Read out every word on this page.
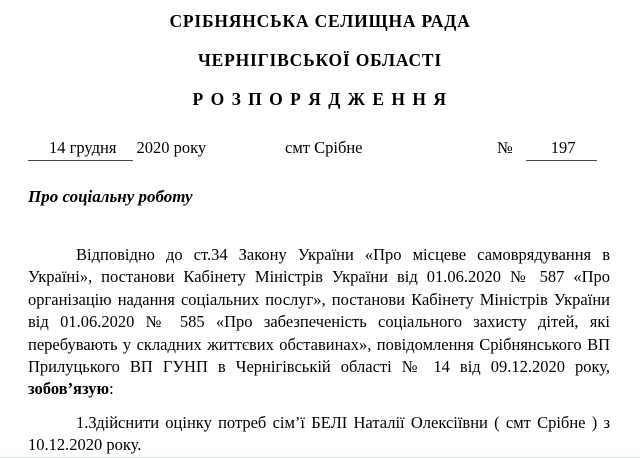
СРІБНЯНСЬКА СЕЛИЩНА РАДА
ЧЕРНІГІВСЬКОЇ ОБЛАСТІ
Р О З П О Р Я Д Ж Е Н Н Я
14 грудня 2020 року	смт Срібне	№ 197
Про соціальну роботу

Відповідно до ст.34 Закону України «Про місцеве самоврядування в Україні», постанови Кабінету Міністрів України від 01.06.2020 № 587 «Про організацію надання соціальних послуг», постанови Кабінету Міністрів України від 01.06.2020 № 585 «Про забезпеченість соціального захисту дітей, які перебувають у складних життєвих обставинах», повідомлення Срібнянського ВП Прилуцького ВП ГУНП в Чернігівській області № 14 від 09.12.2020 року, зобов’язую:

1.Здійснити оцінку потреб сім’ї БЕЛІ Наталії Олексіївни ( смт Срібне ) з 10.12.2020 року.
